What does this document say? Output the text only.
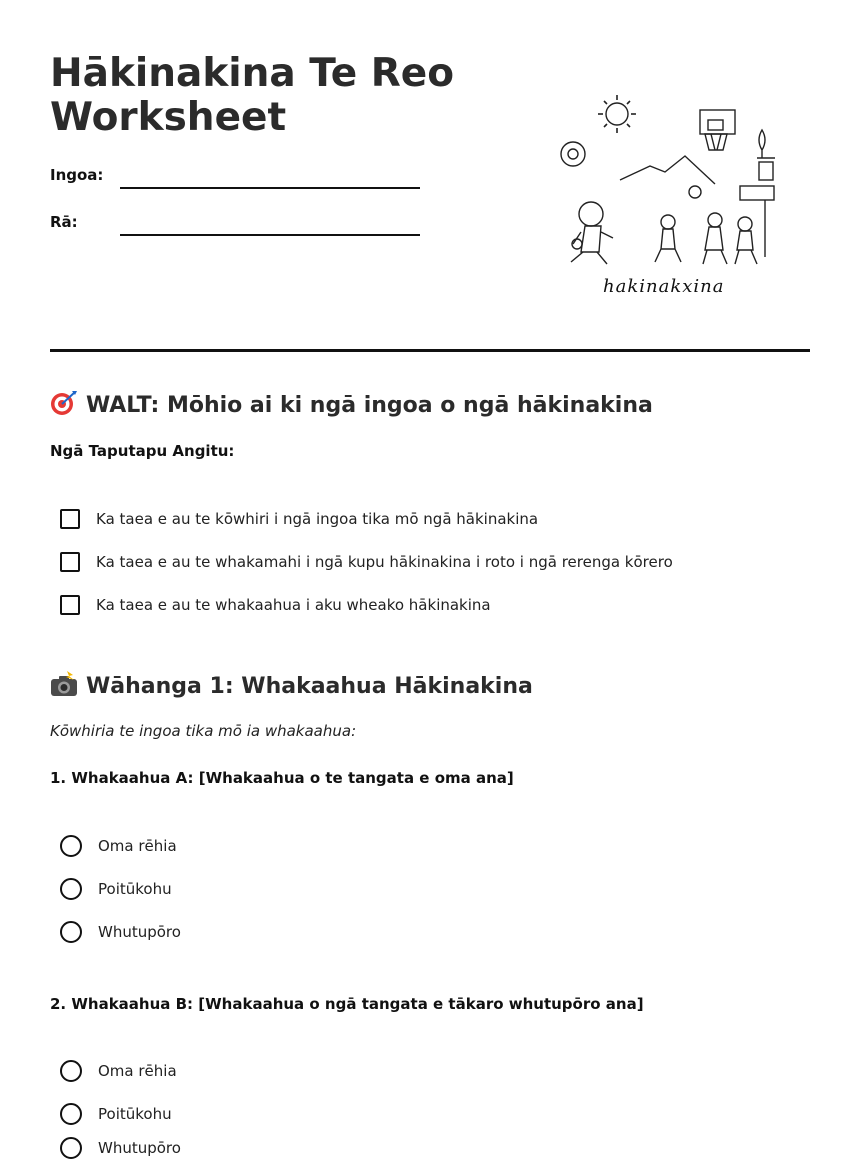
Hākinakina Te Reo
Worksheet
Ingoa:
Rā:
hakinakxina
WALT: Mōhio ai ki ngā ingoa o ngā hākinakina
Ngā Taputapu Angitu:
Ka taea e au te kōwhiri i ngā ingoa tika mō ngā hākinakina
Ka taea e au te whakamahi i ngā kupu hākinakina i roto i ngā rerenga kōrero
Ka taea e au te whakaahua i aku wheako hākinakina
Wāhanga 1: Whakaahua Hākinakina
Kōwhiria te ingoa tika mō ia whakaahua:
1. Whakaahua A: [Whakaahua o te tangata e oma ana]
Oma rēhia
Poitūkohu
Whutupōro
2. Whakaahua B: [Whakaahua o ngā tangata e tākaro whutupōro ana]
Oma rēhia
Poitūkohu
Whutupōro
